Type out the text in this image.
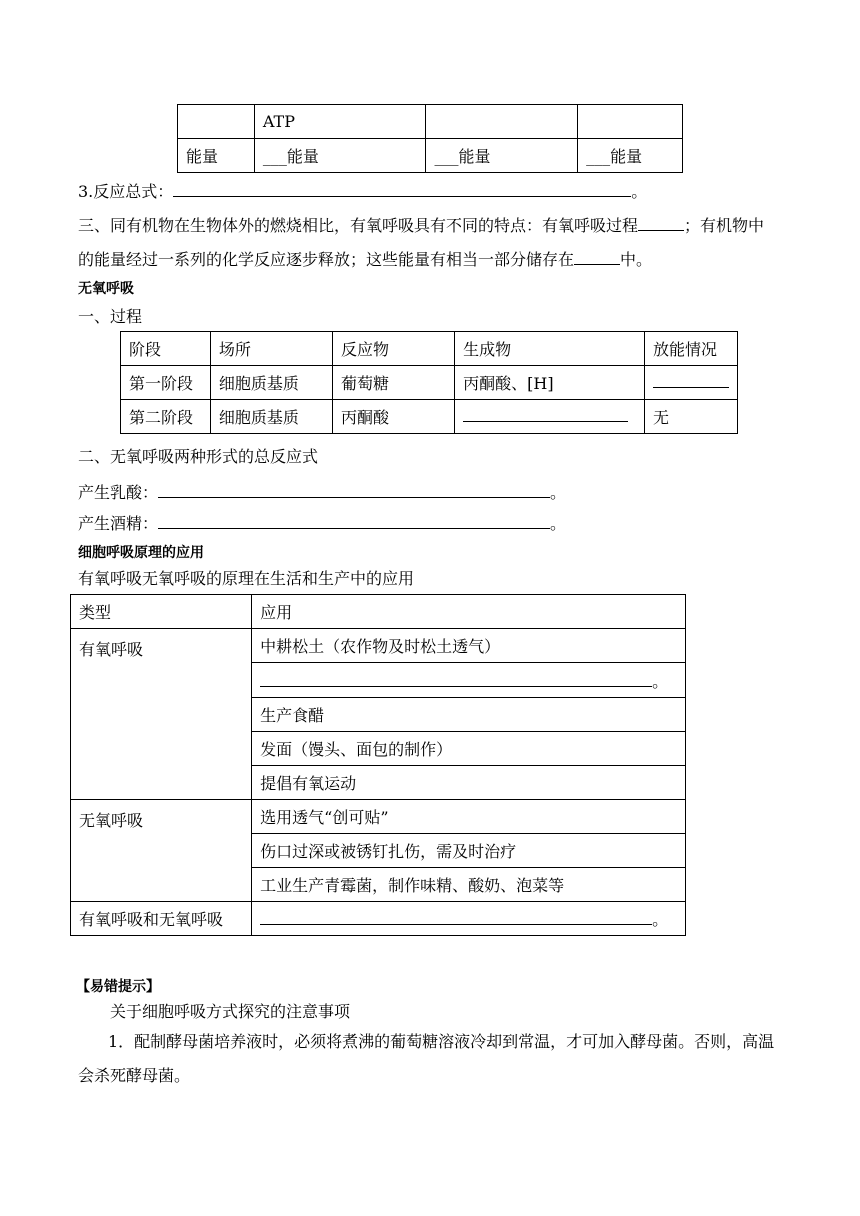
	ATP		
能量	___能量	___能量	___能量
3.反应总式：	。
三、同有机物在生物体外的燃烧相比，有氧呼吸具有不同的特点：有氧呼吸过程	；有机物中的能量经过一系列的化学反应逐步释放；这些能量有相当一部分储存在	中。
无氧呼吸
一、过程
阶段	场所	反应物	生成物	放能情况
第一阶段	细胞质基质	葡萄糖	丙酮酸、[H]	
第二阶段	细胞质基质	丙酮酸		无
二、无氧呼吸两种形式的总反应式
产生乳酸：	。
产生酒精：	。
细胞呼吸原理的应用
有氧呼吸无氧呼吸的原理在生活和生产中的应用
类型	应用
有氧呼吸	中耕松土（农作物及时松土透气）
	。
	生产食醋
	发面（馒头、面包的制作）
	提倡有氧运动
无氧呼吸	选用透气“创可贴”
	伤口过深或被锈钉扎伤，需及时治疗
	工业生产青霉菌，制作味精、酸奶、泡菜等
有氧呼吸和无氧呼吸	。
【易错提示】
关于细胞呼吸方式探究的注意事项
1．配制酵母菌培养液时，必须将煮沸的葡萄糖溶液冷却到常温，才可加入酵母菌。否则，高温会杀死酵母菌。
